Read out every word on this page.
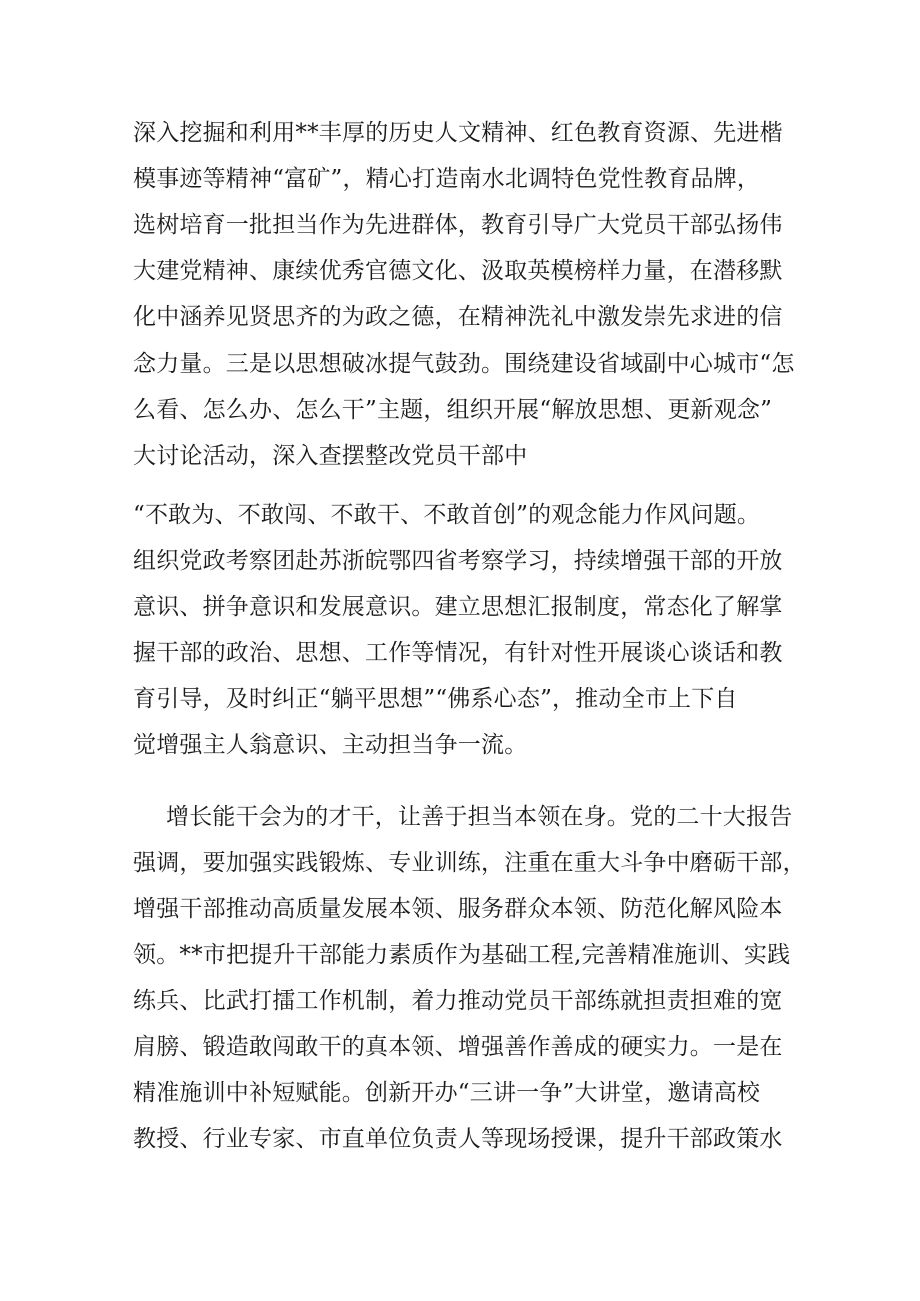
深入挖掘和利用**丰厚的历史人文精神、红色教育资源、先进楷
模事迹等精神“富矿”，精心打造南水北调特色党性教育品牌，
选树培育一批担当作为先进群体，教育引导广大党员干部弘扬伟
大建党精神、康续优秀官德文化、汲取英模榜样力量，在潜移默
化中涵养见贤思齐的为政之德，在精神洗礼中激发崇先求进的信
念力量。三是以思想破冰提气鼓劲。围绕建设省域副中心城市“怎
么看、怎么办、怎么干”主题，组织开展“解放思想、更新观念”
大讨论活动，深入查摆整改党员干部中
“不敢为、不敢闯、不敢干、不敢首创”的观念能力作风问题。
组织党政考察团赴苏浙皖鄂四省考察学习，持续增强干部的开放
意识、拼争意识和发展意识。建立思想汇报制度，常态化了解掌
握干部的政治、思想、工作等情况，有针对性开展谈心谈话和教
育引导，及时纠正“躺平思想”“佛系心态”，推动全市上下自
觉增强主人翁意识、主动担当争一流。
增长能干会为的才干，让善于担当本领在身。党的二十大报告
强调，要加强实践锻炼、专业训练，注重在重大斗争中磨砺干部，
增强干部推动高质量发展本领、服务群众本领、防范化解风险本
领。**市把提升干部能力素质作为基础工程,完善精准施训、实践
练兵、比武打擂工作机制，着力推动党员干部练就担责担难的宽
肩膀、锻造敢闯敢干的真本领、增强善作善成的硬实力。一是在
精准施训中补短赋能。创新开办“三讲一争”大讲堂，邀请高校
教授、行业专家、市直单位负责人等现场授课，提升干部政策水
